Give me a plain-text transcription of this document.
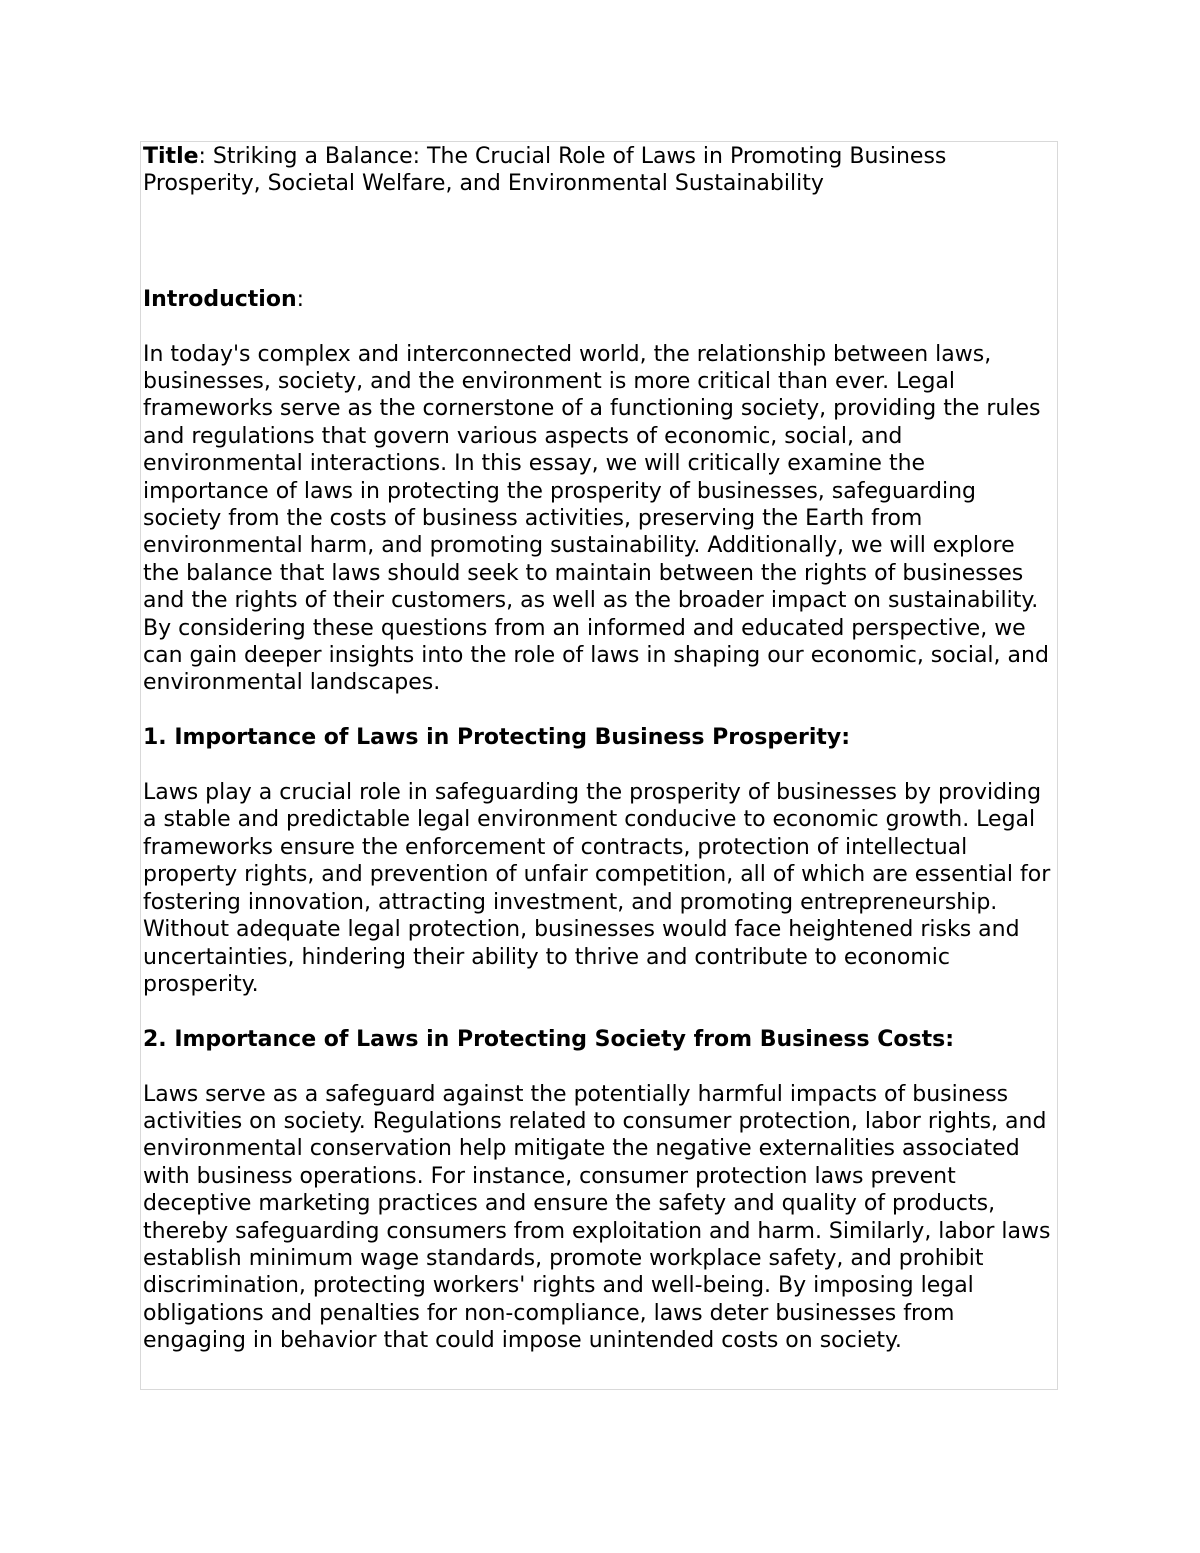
Title: Striking a Balance: The Crucial Role of Laws in Promoting Business Prosperity, Societal Welfare, and Environmental Sustainability

Introduction:

In today's complex and interconnected world, the relationship between laws, businesses, society, and the environment is more critical than ever. Legal frameworks serve as the cornerstone of a functioning society, providing the rules and regulations that govern various aspects of economic, social, and environmental interactions. In this essay, we will critically examine the importance of laws in protecting the prosperity of businesses, safeguarding society from the costs of business activities, preserving the Earth from environmental harm, and promoting sustainability. Additionally, we will explore the balance that laws should seek to maintain between the rights of businesses and the rights of their customers, as well as the broader impact on sustainability. By considering these questions from an informed and educated perspective, we can gain deeper insights into the role of laws in shaping our economic, social, and environmental landscapes.

1. Importance of Laws in Protecting Business Prosperity:

Laws play a crucial role in safeguarding the prosperity of businesses by providing a stable and predictable legal environment conducive to economic growth. Legal frameworks ensure the enforcement of contracts, protection of intellectual property rights, and prevention of unfair competition, all of which are essential for fostering innovation, attracting investment, and promoting entrepreneurship. Without adequate legal protection, businesses would face heightened risks and uncertainties, hindering their ability to thrive and contribute to economic prosperity.

2. Importance of Laws in Protecting Society from Business Costs:

Laws serve as a safeguard against the potentially harmful impacts of business activities on society. Regulations related to consumer protection, labor rights, and environmental conservation help mitigate the negative externalities associated with business operations. For instance, consumer protection laws prevent deceptive marketing practices and ensure the safety and quality of products, thereby safeguarding consumers from exploitation and harm. Similarly, labor laws establish minimum wage standards, promote workplace safety, and prohibit discrimination, protecting workers' rights and well-being. By imposing legal obligations and penalties for non-compliance, laws deter businesses from engaging in behavior that could impose unintended costs on society.
